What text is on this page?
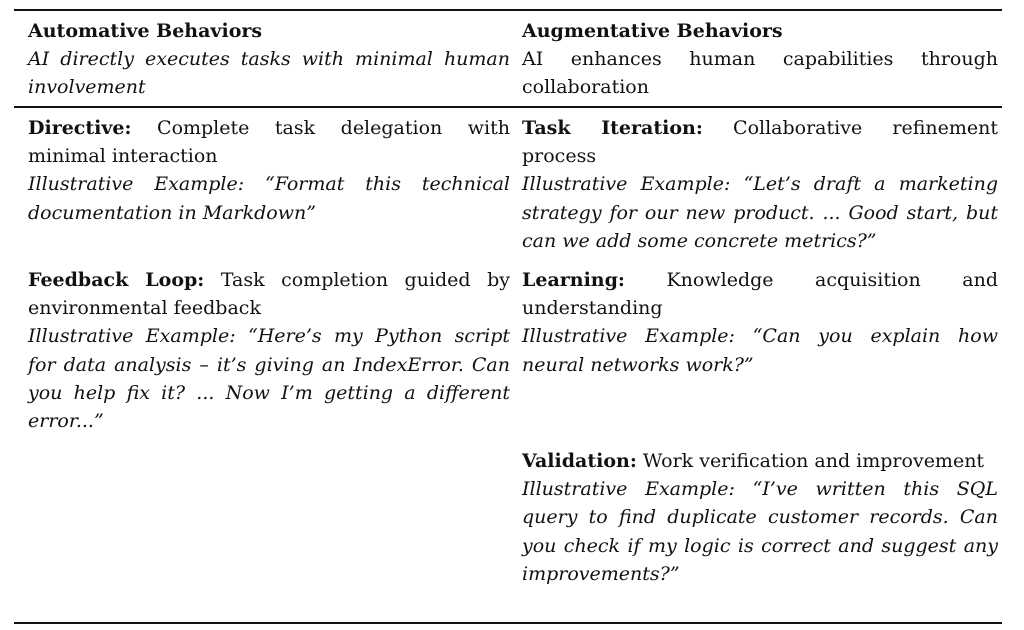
Automative Behaviors
AI directly executes tasks with minimal human involvement
Augmentative Behaviors
AI enhances human capabilities through collaboration

Directive: Complete task delegation with minimal interaction

Illustrative Example: “Format this technical documentation in Markdown”

Feedback Loop: Task completion guided by environmental feedback

Illustrative Example: “Here’s my Python script for data analysis – it’s giving an IndexError. Can you help fix it? ... Now I’m getting a different error...”

Task Iteration: Collaborative refinement process

Illustrative Example: “Let’s draft a marketing strategy for our new product. ... Good start, but can we add some concrete metrics?”

Learning: Knowledge acquisition and understanding

Illustrative Example: “Can you explain how neural networks work?”

Validation: Work verification and improvement

Illustrative Example: “I’ve written this SQL query to find duplicate customer records. Can you check if my logic is correct and suggest any improvements?”
